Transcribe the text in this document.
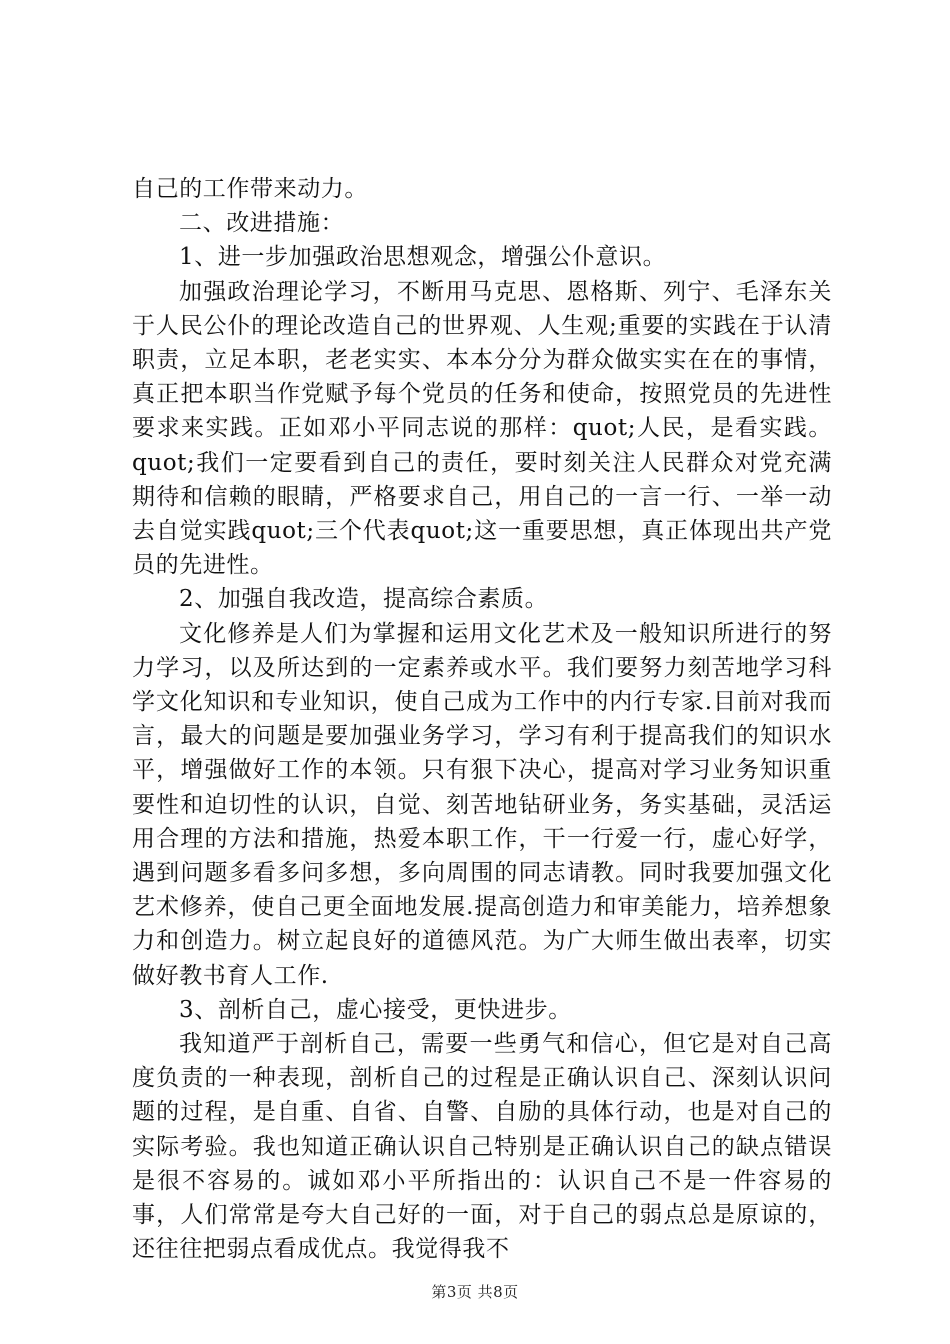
自己的工作带来动力。

二、改进措施：

1、进一步加强政治思想观念，增强公仆意识。

加强政治理论学习，不断用马克思、恩格斯、列宁、毛泽东关于人民公仆的理论改造自己的世界观、人生观;重要的实践在于认清职责，立足本职，老老实实、本本分分为群众做实实在在的事情，真正把本职当作党赋予每个党员的任务和使命，按照党员的先进性要求来实践。正如邓小平同志说的那样：quot;人民，是看实践。quot;我们一定要看到自己的责任，要时刻关注人民群众对党充满期待和信赖的眼睛，严格要求自己，用自己的一言一行、一举一动去自觉实践quot;三个代表quot;这一重要思想，真正体现出共产党员的先进性。

2、加强自我改造，提高综合素质。

文化修养是人们为掌握和运用文化艺术及一般知识所进行的努力学习，以及所达到的一定素养或水平。我们要努力刻苦地学习科学文化知识和专业知识，使自己成为工作中的内行专家.目前对我而言，最大的问题是要加强业务学习，学习有利于提高我们的知识水平，增强做好工作的本领。只有狠下决心，提高对学习业务知识重要性和迫切性的认识，自觉、刻苦地钻研业务，务实基础，灵活运用合理的方法和措施，热爱本职工作，干一行爱一行，虚心好学，遇到问题多看多问多想，多向周围的同志请教。同时我要加强文化艺术修养，使自己更全面地发展.提高创造力和审美能力，培养想象力和创造力。树立起良好的道德风范。为广大师生做出表率，切实做好教书育人工作.

3、剖析自己，虚心接受，更快进步。

我知道严于剖析自己，需要一些勇气和信心，但它是对自己高度负责的一种表现，剖析自己的过程是正确认识自己、深刻认识问题的过程，是自重、自省、自警、自励的具体行动，也是对自己的实际考验。我也知道正确认识自己特别是正确认识自己的缺点错误是很不容易的。诚如邓小平所指出的：认识自己不是一件容易的事，人们常常是夸大自己好的一面，对于自己的弱点总是原谅的，还往往把弱点看成优点。我觉得我不

第3页 共8页
